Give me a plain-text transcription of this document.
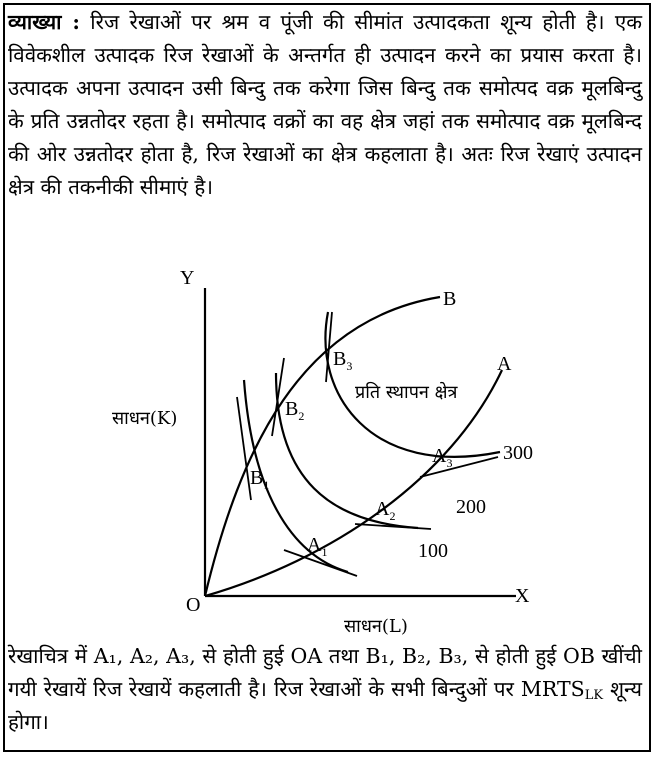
व्याख्या : रिज रेखाओं पर श्रम व पूंजी की सीमांत उत्पादकता शून्य होती है। एक विवेकशील उत्पादक रिज रेखाओं के अन्तर्गत ही उत्पादन करने का प्रयास करता है। उत्पादक अपना उत्पादन उसी बिन्दु तक करेगा जिस बिन्दु तक समोत्पद वक्र मूलबिन्दु के प्रति उन्नतोदर रहता है। समोत्पाद वक्रों का वह क्षेत्र जहां तक समोत्पाद वक्र मूलबिन्द की ओर उन्नतोदर होता है, रिज रेखाओं का क्षेत्र कहलाता है। अतः रिज रेखाएं उत्पादन क्षेत्र की तकनीकी सीमाएं है।

Y
X
O
साधन(K)
साधन(L)
प्रति स्थापन क्षेत्र
B
A
100
200
300
$B_1$
$B_2$
$B_3$
$A_1$
$A_2$
$A_3$

रेखाचित्र में A₁, A₂, A₃, से होती हुई OA तथा B₁, B₂, B₃, से होती हुई OB खींची गयी रेखायें रिज रेखायें कहलाती है। रिज रेखाओं के सभी बिन्दुओं पर $MRTS_{LK}$ शून्य होगा।
